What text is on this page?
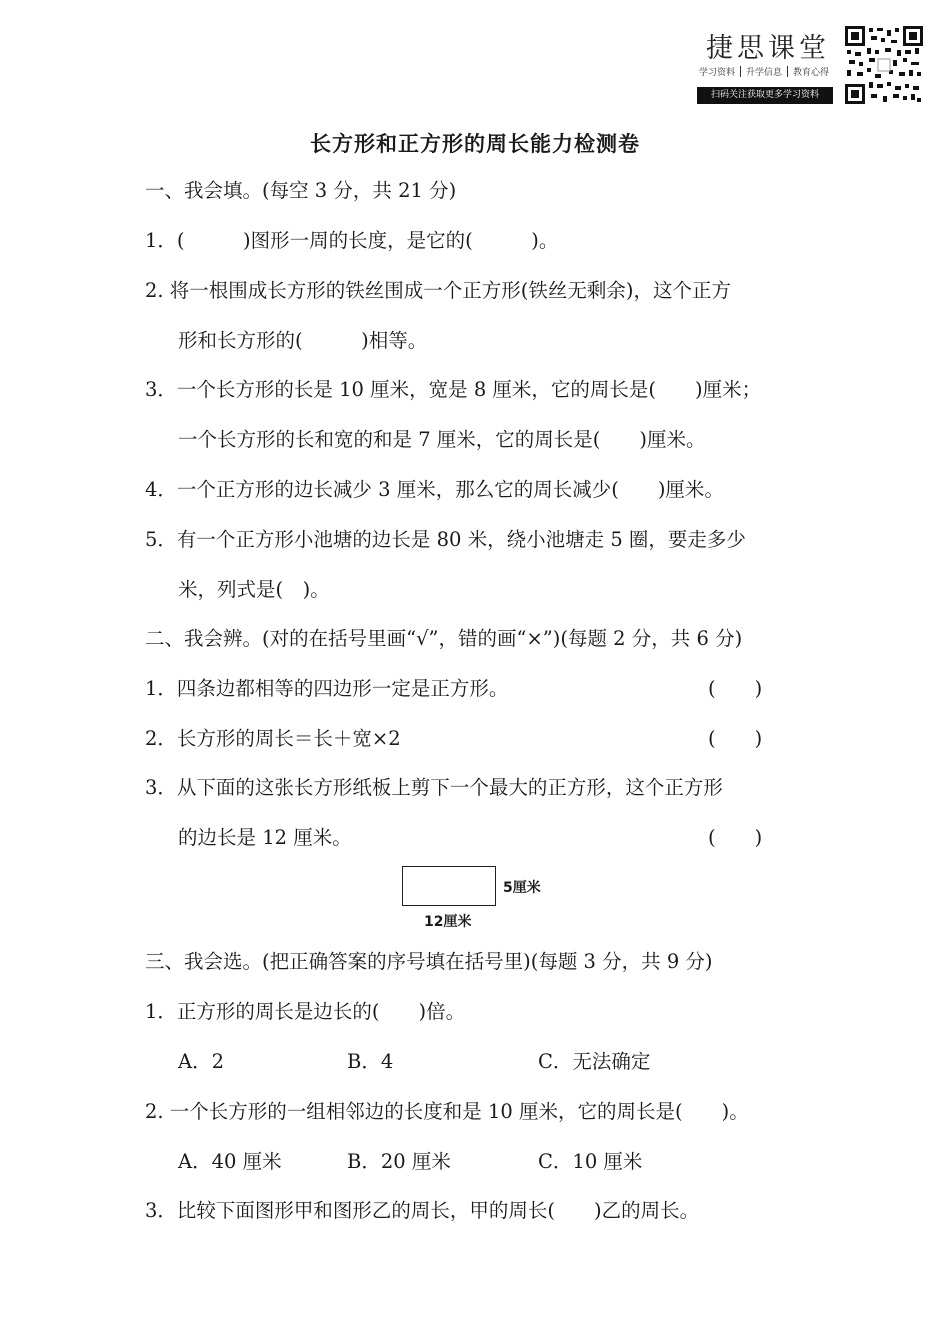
捷思课堂
学习资料 升学信息 教育心得
扫码关注获取更多学习资料
长方形和正方形的周长能力检测卷
一、我会填。(每空 3 分，共 21 分)
1．(　　　)图形一周的长度，是它的(　　　)。
2. 将一根围成长方形的铁丝围成一个正方形(铁丝无剩余)，这个正方
形和长方形的(　　　)相等。
3．一个长方形的长是 10 厘米，宽是 8 厘米，它的周长是(　　)厘米；
一个长方形的长和宽的和是 7 厘米，它的周长是(　　)厘米。
4．一个正方形的边长减少 3 厘米，那么它的周长减少(　　)厘米。
5．有一个正方形小池塘的边长是 80 米，绕小池塘走 5 圈，要走多少
米，列式是(　)。
二、我会辨。(对的在括号里画“√”，错的画“×”)(每题 2 分，共 6 分)
1．四条边都相等的四边形一定是正方形。	(　　)
2．长方形的周长＝长＋宽×2	(　　)
3．从下面的这张长方形纸板上剪下一个最大的正方形，这个正方形
的边长是 12 厘米。	(　　)
5厘米
12厘米
三、我会选。(把正确答案的序号填在括号里)(每题 3 分，共 9 分)
1．正方形的周长是边长的(　　)倍。
A．2	B．4	C．无法确定
2. 一个长方形的一组相邻边的长度和是 10 厘米，它的周长是(　　)。
A．40 厘米	B．20 厘米	C．10 厘米
3．比较下面图形甲和图形乙的周长，甲的周长(　　)乙的周长。
